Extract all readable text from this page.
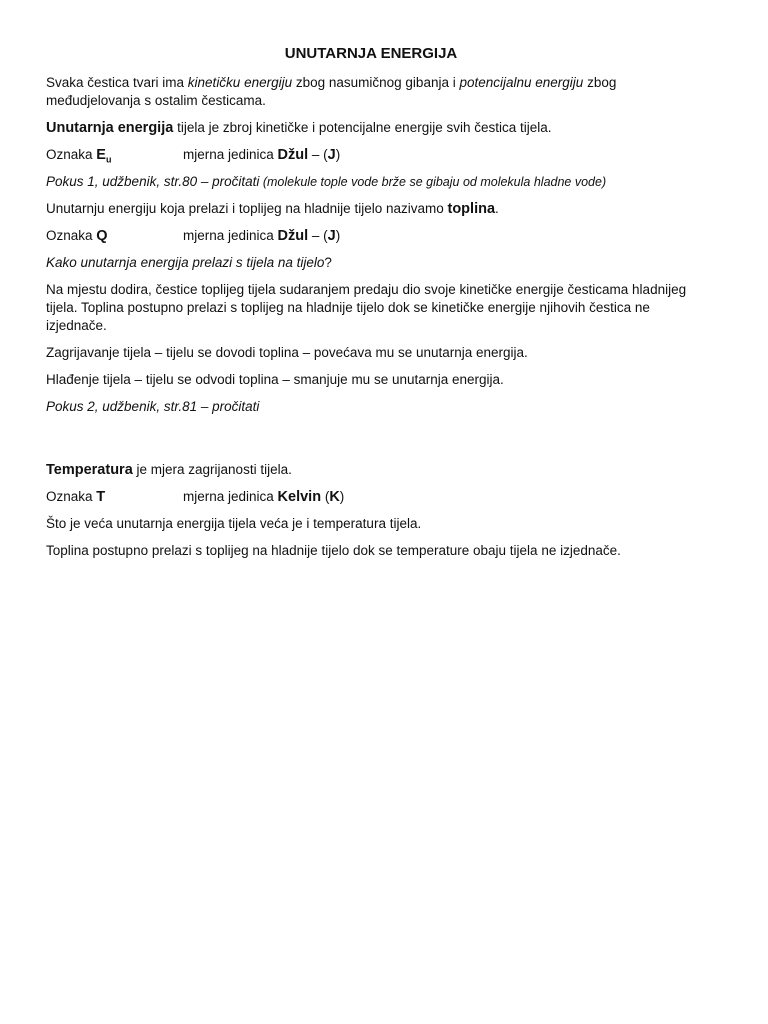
UNUTARNJA ENERGIJA

Svaka čestica tvari ima kinetičku energiju zbog nasumičnog gibanja i potencijalnu energiju zbog međudjelovanja s ostalim česticama.

Unutarnja energija tijela je zbroj kinetičke i potencijalne energije svih čestica tijela.

Oznaka $E_u$	mjerna jedinica Džul – (J)

Pokus 1, udžbenik, str.80 – pročitati (molekule tople vode brže se gibaju od molekula hladne vode)

Unutarnju energiju koja prelazi i toplijeg na hladnije tijelo nazivamo toplina.

Oznaka Q	mjerna jedinica Džul – (J)

Kako unutarnja energija prelazi s tijela na tijelo?

Na mjestu dodira, čestice toplijeg tijela sudaranjem predaju dio svoje kinetičke energije česticama hladnijeg tijela. Toplina postupno prelazi s toplijeg na hladnije tijelo dok se kinetičke energije njihovih čestica ne izjednače.

Zagrijavanje tijela – tijelu se dovodi toplina – povećava mu se unutarnja energija.

Hlađenje tijela – tijelu se odvodi toplina – smanjuje mu se unutarnja energija.

Pokus 2, udžbenik, str.81 – pročitati

Temperatura je mjera zagrijanosti tijela.

Oznaka T	mjerna jedinica Kelvin (K)

Što je veća unutarnja energija tijela veća je i temperatura tijela.

Toplina postupno prelazi s toplijeg na hladnije tijelo dok se temperature obaju tijela ne izjednače.
